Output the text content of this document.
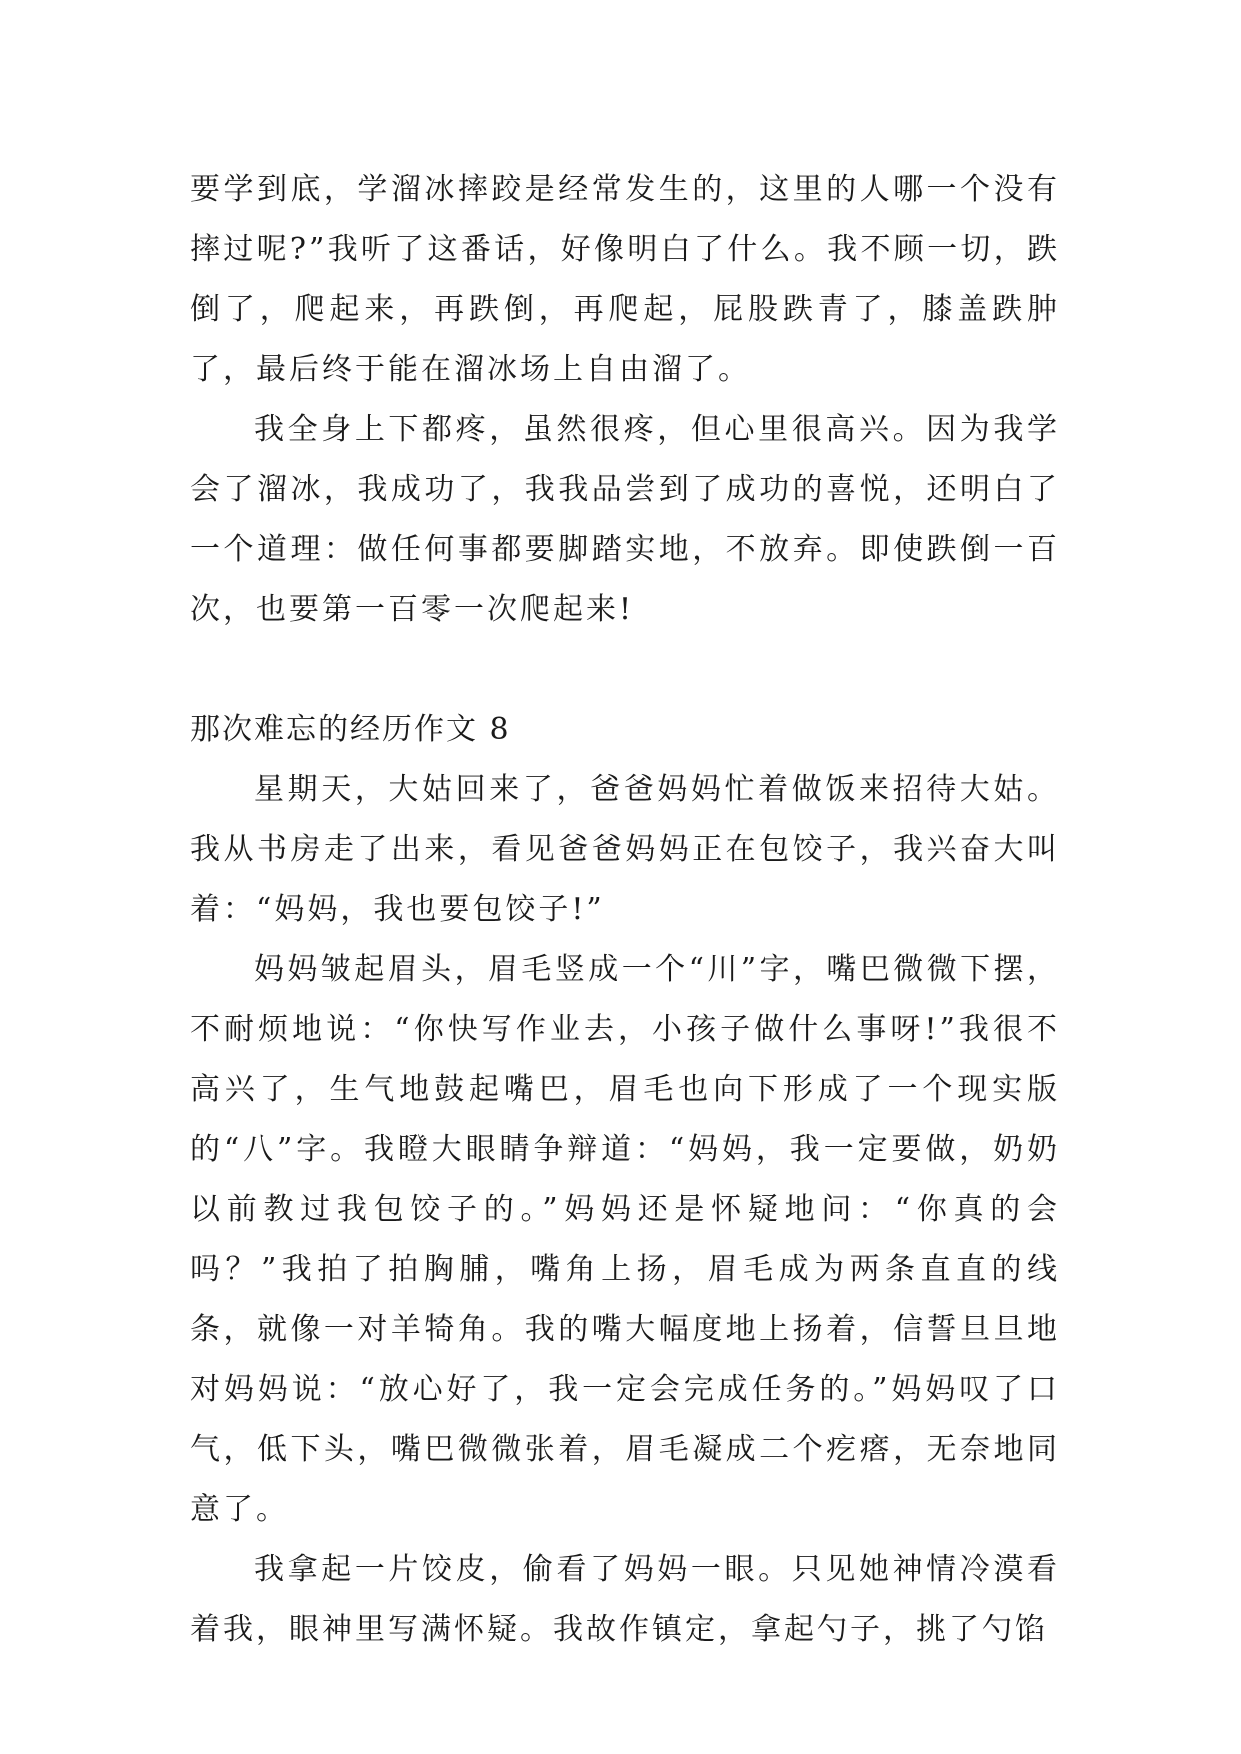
要学到底，学溜冰摔跤是经常发生的，这里的人哪一个没有摔过呢?”我听了这番话，好像明白了什么。我不顾一切，跌倒了，爬起来，再跌倒，再爬起，屁股跌青了，膝盖跌肿了，最后终于能在溜冰场上自由溜了。

我全身上下都疼，虽然很疼，但心里很高兴。因为我学会了溜冰，我成功了，我我品尝到了成功的喜悦，还明白了一个道理：做任何事都要脚踏实地，不放弃。即使跌倒一百次，也要第一百零一次爬起来!

那次难忘的经历作文 8

星期天，大姑回来了，爸爸妈妈忙着做饭来招待大姑。我从书房走了出来，看见爸爸妈妈正在包饺子，我兴奋大叫着：“妈妈，我也要包饺子!”

妈妈皱起眉头，眉毛竖成一个“川”字，嘴巴微微下摆，不耐烦地说：“你快写作业去，小孩子做什么事呀!”我很不高兴了，生气地鼓起嘴巴，眉毛也向下形成了一个现实版的“八”字。我瞪大眼睛争辩道：“妈妈，我一定要做，奶奶以前教过我包饺子的。”妈妈还是怀疑地问：“你真的会吗？”我拍了拍胸脯，嘴角上扬，眉毛成为两条直直的线条，就像一对羊犄角。我的嘴大幅度地上扬着，信誓旦旦地对妈妈说：“放心好了，我一定会完成任务的。”妈妈叹了口气，低下头，嘴巴微微张着，眉毛凝成二个疙瘩，无奈地同意了。

我拿起一片饺皮，偷看了妈妈一眼。只见她神情冷漠看着我，眼神里写满怀疑。我故作镇定，拿起勺子，挑了勺馅
